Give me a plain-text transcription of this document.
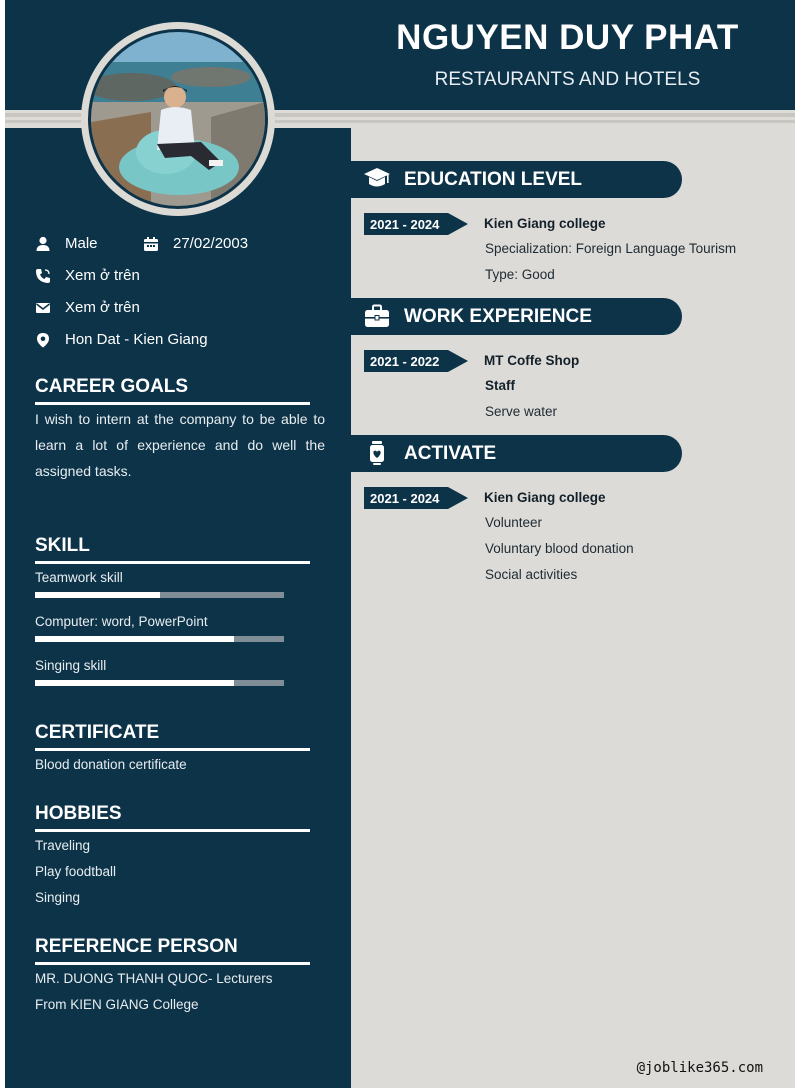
NGUYEN DUY PHAT
RESTAURANTS AND HOTELS
Male	27/02/2003
Xem ở trên
Xem ở trên
Hon Dat - Kien Giang
CAREER GOALS
I wish to intern at the company to be able to learn a lot of experience and do well the assigned tasks.
SKILL
Teamwork skill
Computer: word, PowerPoint
Singing skill
CERTIFICATE
Blood donation certificate
HOBBIES
Traveling
Play foodtball
Singing
REFERENCE PERSON
MR. DUONG THANH QUOC- Lecturers
From KIEN GIANG College
EDUCATION LEVEL
2021 - 2024	Kien Giang college
Specialization: Foreign Language Tourism
Type: Good
WORK EXPERIENCE
2021 - 2022	MT Coffe Shop
Staff
Serve water
ACTIVATE
2021 - 2024	Kien Giang college
Volunteer
Voluntary blood donation
Social activities
@joblike365.com
